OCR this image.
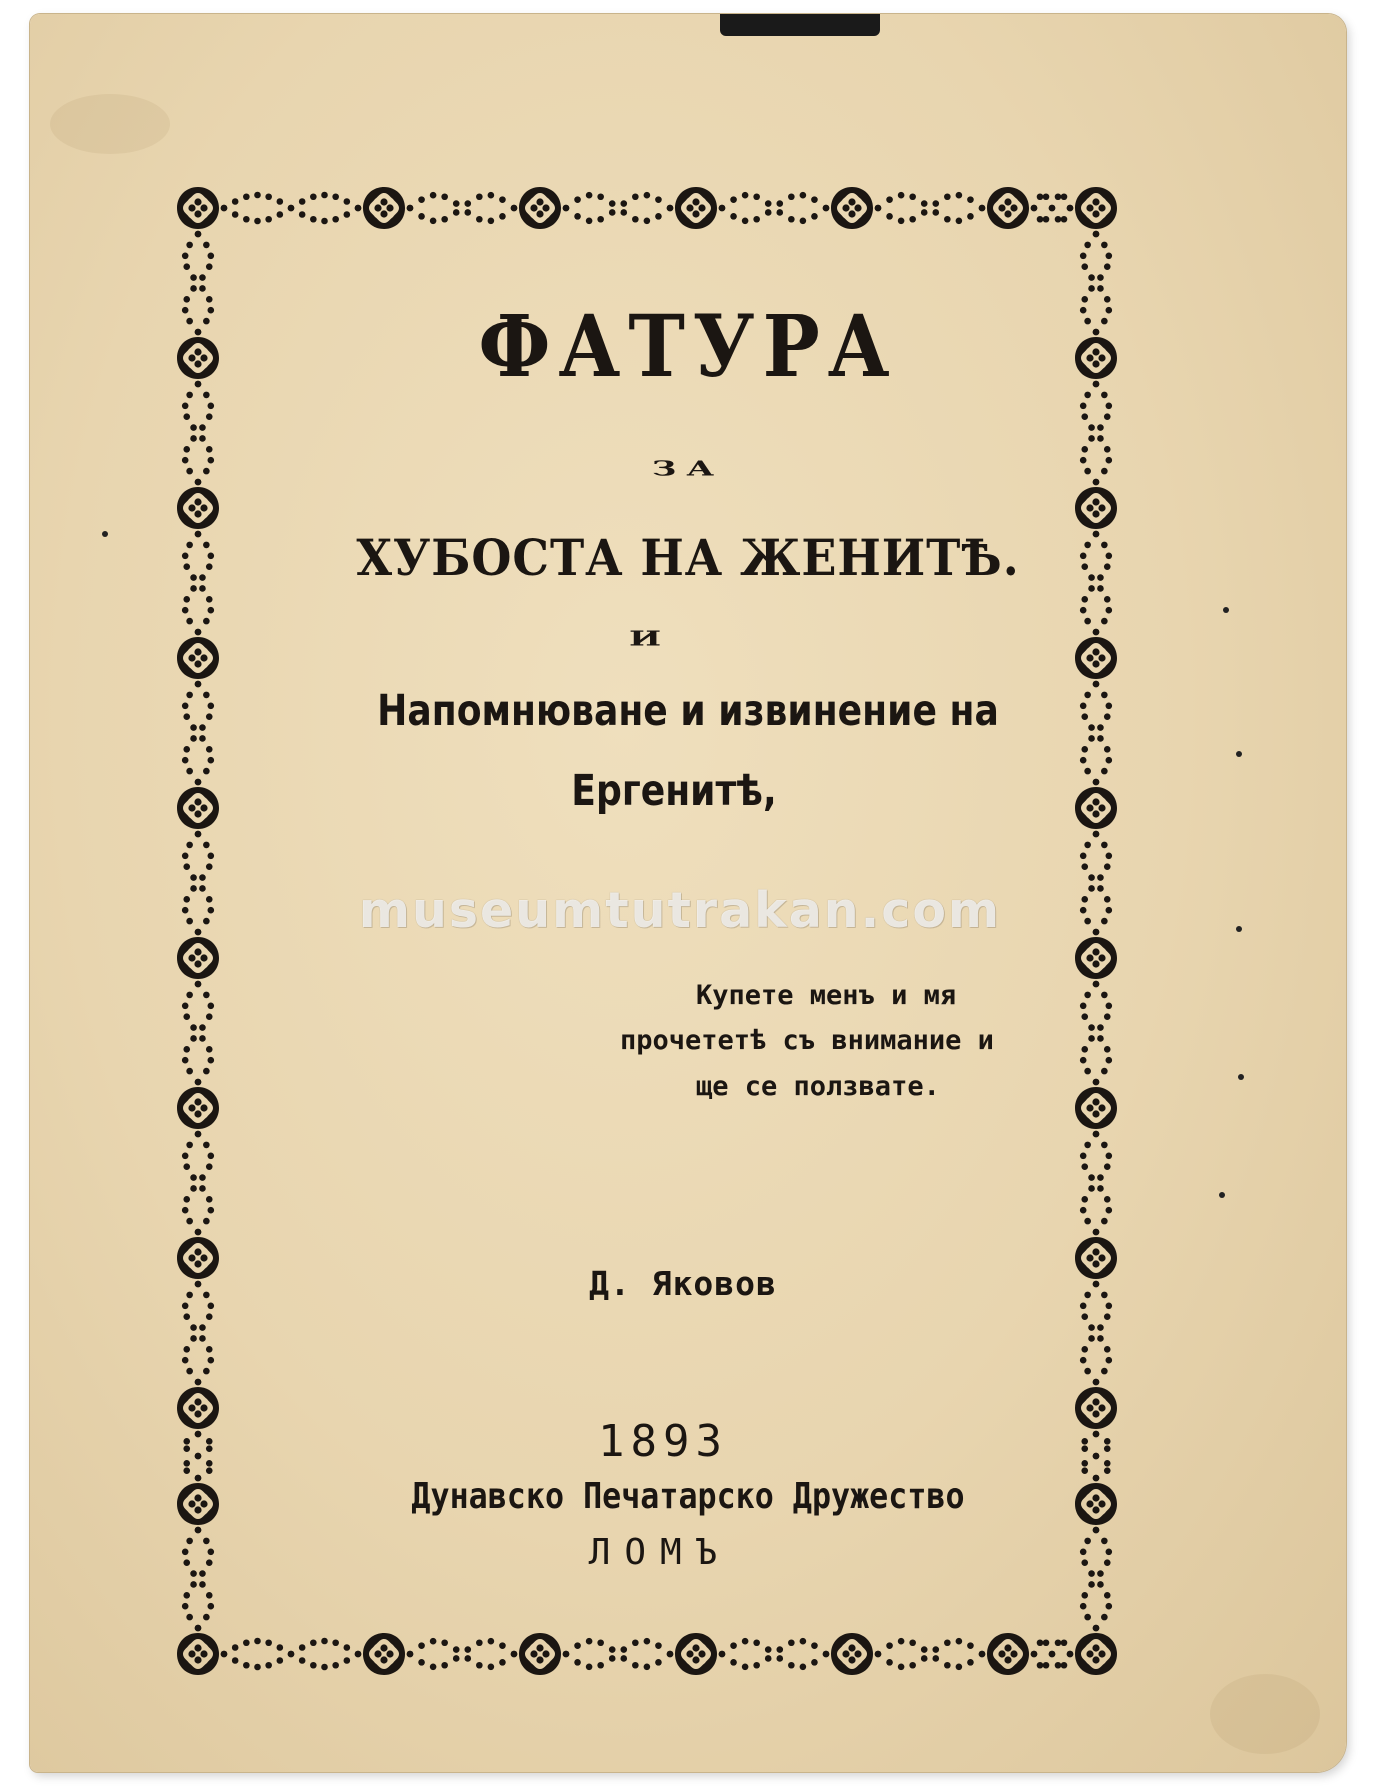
ФАТУРА
ЗА
ХУБОСТА НА ЖЕНИТѢ.
И
Напомнюване и извинение на
Ергенитѣ,
museumtutrakan.com
Купете менъ и мя
прочететѣ съ внимание и
ще се ползвате.
Д. Яковов
1893
Дунавско Печатарско Дружество
ЛОМЪ
